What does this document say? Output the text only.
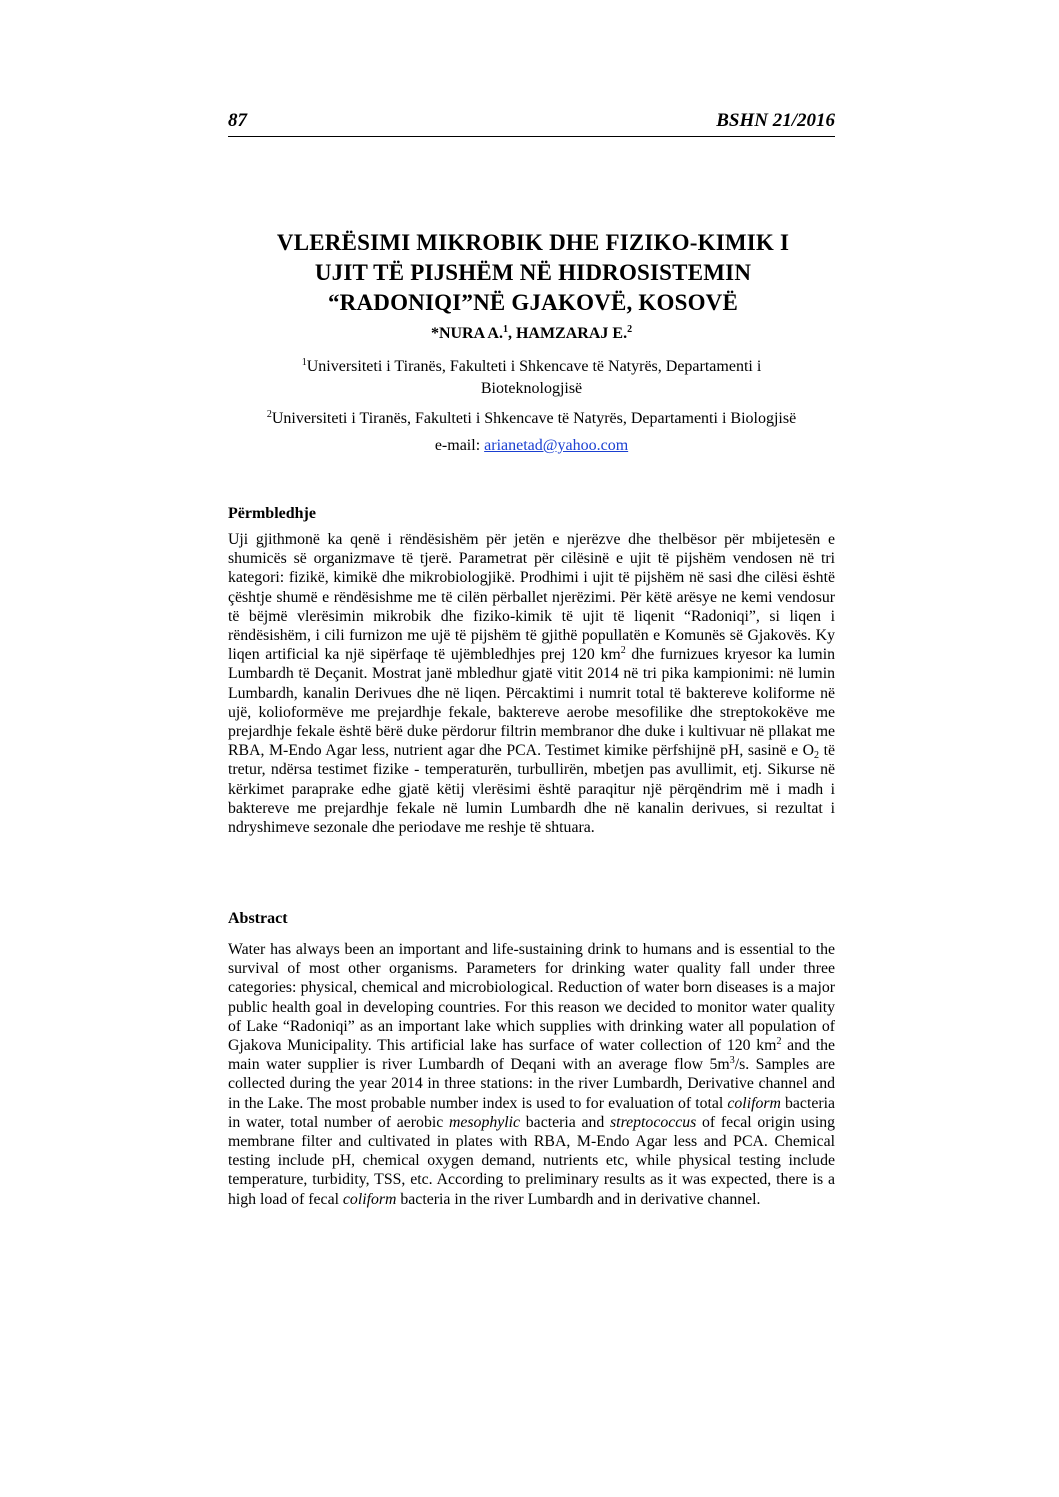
87	BSHN 21/2016
VLERËSIMI MIKROBIK DHE FIZIKO-KIMIK I
UJIT TË PIJSHËM NË HIDROSISTEMIN
“RADONIQI”NË GJAKOVË, KOSOVË
*NURA A.$^1$, HAMZARAJ E.$^2$
$^1$Universiteti i Tiranës, Fakulteti i Shkencave të Natyrës, Departamenti i
Bioteknologjisë
$^2$Universiteti i Tiranës, Fakulteti i Shkencave të Natyrës, Departamenti i Biologjisë
e-mail: arianetad@yahoo.com
Përmbledhje
Uji gjithmonë ka qenë i rëndësishëm për jetën e njerëzve dhe thelbësor për mbijetesën e shumicës së organizmave të tjerë. Parametrat për cilësinë e ujit të pijshëm vendosen në tri kategori: fizikë, kimikë dhe mikrobiologjikë. Prodhimi i ujit të pijshëm në sasi dhe cilësi është çështje shumë e rëndësishme me të cilën përballet njerëzimi. Për këtë arësye ne kemi vendosur të bëjmë vlerësimin mikrobik dhe fiziko-kimik të ujit të liqenit “Radoniqi”, si liqen i rëndësishëm, i cili furnizon me ujë të pijshëm të gjithë popullatën e Komunës së Gjakovës. Ky liqen artificial ka një sipërfaqe të ujëmbledhjes prej 120 $km^2$ dhe furnizues kryesor ka lumin Lumbardh të Deçanit. Mostrat janë mbledhur gjatë vitit 2014 në tri pika kampionimi: në lumin Lumbardh, kanalin Derivues dhe në liqen. Përcaktimi i numrit total të baktereve koliforme në ujë, kolioformëve me prejardhje fekale, baktereve aerobe mesofilike dhe streptokokëve me prejardhje fekale është bërë duke përdorur filtrin membranor dhe duke i kultivuar në pllakat me RBA, M-Endo Agar less, nutrient agar dhe PCA. Testimet kimike përfshijnë pH, sasinë e $O_2$ të tretur, ndërsa testimet fizike - temperaturën, turbullirën, mbetjen pas avullimit, etj. Sikurse në kërkimet paraprake edhe gjatë këtij vlerësimi është paraqitur një përqëndrim më i madh i baktereve me prejardhje fekale në lumin Lumbardh dhe në kanalin derivues, si rezultat i ndryshimeve sezonale dhe periodave me reshje të shtuara.
Abstract
Water has always been an important and life-sustaining drink to humans and is essential to the survival of most other organisms. Parameters for drinking water quality fall under three categories: physical, chemical and microbiological. Reduction of water born diseases is a major public health goal in developing countries. For this reason we decided to monitor water quality of Lake “Radoniqi” as an important lake which supplies with drinking water all population of Gjakova Municipality. This artificial lake has surface of water collection of 120 $km^2$ and the main water supplier is river Lumbardh of Deqani with an average flow $5m^3/s$. Samples are collected during the year 2014 in three stations: in the river Lumbardh, Derivative channel and in the Lake. The most probable number index is used to for evaluation of total coliform bacteria in water, total number of aerobic mesophylic bacteria and streptococcus of fecal origin using membrane filter and cultivated in plates with RBA, M-Endo Agar less and PCA. Chemical testing include pH, chemical oxygen demand, nutrients etc, while physical testing include temperature, turbidity, TSS, etc. According to preliminary results as it was expected, there is a high load of fecal coliform bacteria in the river Lumbardh and in derivative channel.
